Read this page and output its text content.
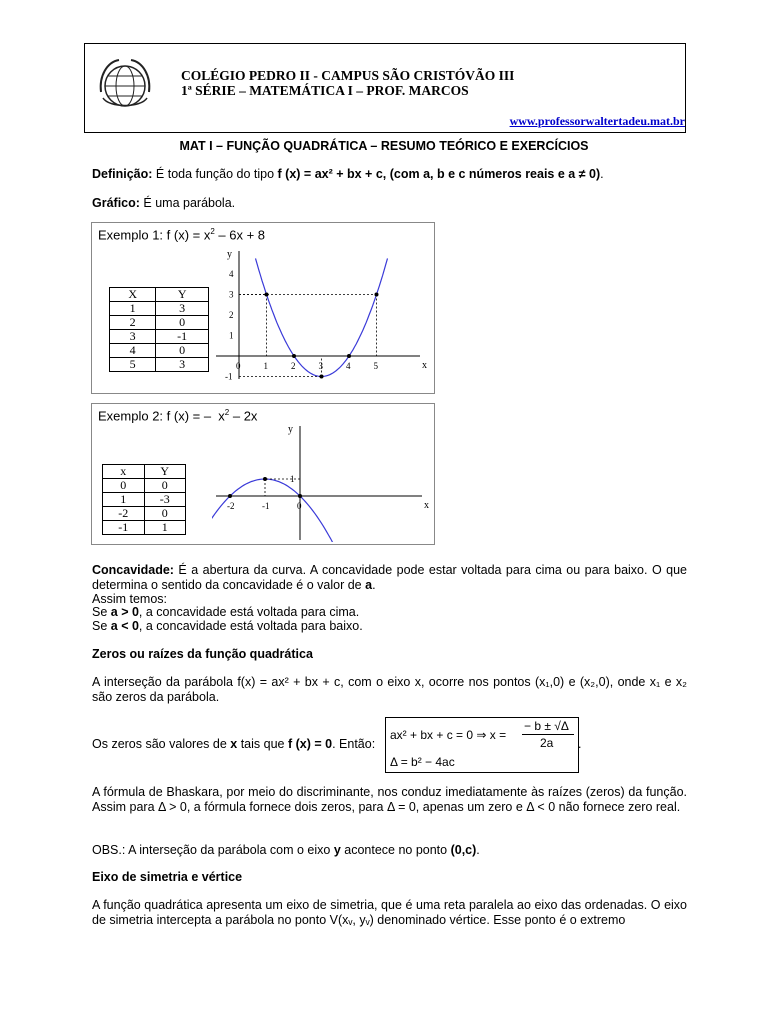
COLÉGIO PEDRO II - CAMPUS SÃO CRISTÓVÃO III
1ª SÉRIE – MATEMÁTICA I – PROF. MARCOS
www.professorwaltertadeu.mat.br
MAT I – FUNÇÃO QUADRÁTICA – RESUMO TEÓRICO E EXERCÍCIOS
Definição: É toda função do tipo f (x) = ax² + bx + c, (com a, b e c números reais e a ≠ 0).
Gráfico: É uma parábola.
Exemplo 1: f $(x) = x^2 - 6x + 8$
X	Y
1	3
2	0
3	-1
4	0
5	3	x
y
0	1	2	3	4	5
-1
1
2
3
4
Exemplo 2: f (x) = –  $x^2 - 2x$
x	Y
0	0
1	-3
-2	0
-1	1
x
y
-2	-1	0
1
Concavidade: É a abertura da curva. A concavidade pode estar voltada para cima ou para baixo. O que determina o sentido da concavidade é o valor de a.
Assim temos:
Se a > 0, a concavidade está voltada para cima.
Se a < 0, a concavidade está voltada para baixo.
Zeros ou raízes da função quadrática
A interseção da parábola f(x) = ax² + bx + c, com o eixo x, ocorre nos pontos (x₁,0) e (x₂,0), onde x₁ e x₂ são zeros da parábola.
Os zeros são valores de x tais que f (x) = 0. Então:
ax² + bx + c = 0 ⇒ x =
− b ± √Δ
2a
Δ = b² − 4ac
.
A fórmula de Bhaskara, por meio do discriminante, nos conduz imediatamente às raízes (zeros) da função. Assim para Δ > 0, a fórmula fornece dois zeros, para Δ = 0, apenas um zero e Δ < 0 não fornece zero real.
OBS.: A interseção da parábola com o eixo y acontece no ponto (0,c).
Eixo de simetria e vértice
A função quadrática apresenta um eixo de simetria, que é uma reta paralela ao eixo das ordenadas. O eixo de simetria intercepta a parábola no ponto V(xᵥ, yᵥ) denominado vértice. Esse ponto é o extremo
